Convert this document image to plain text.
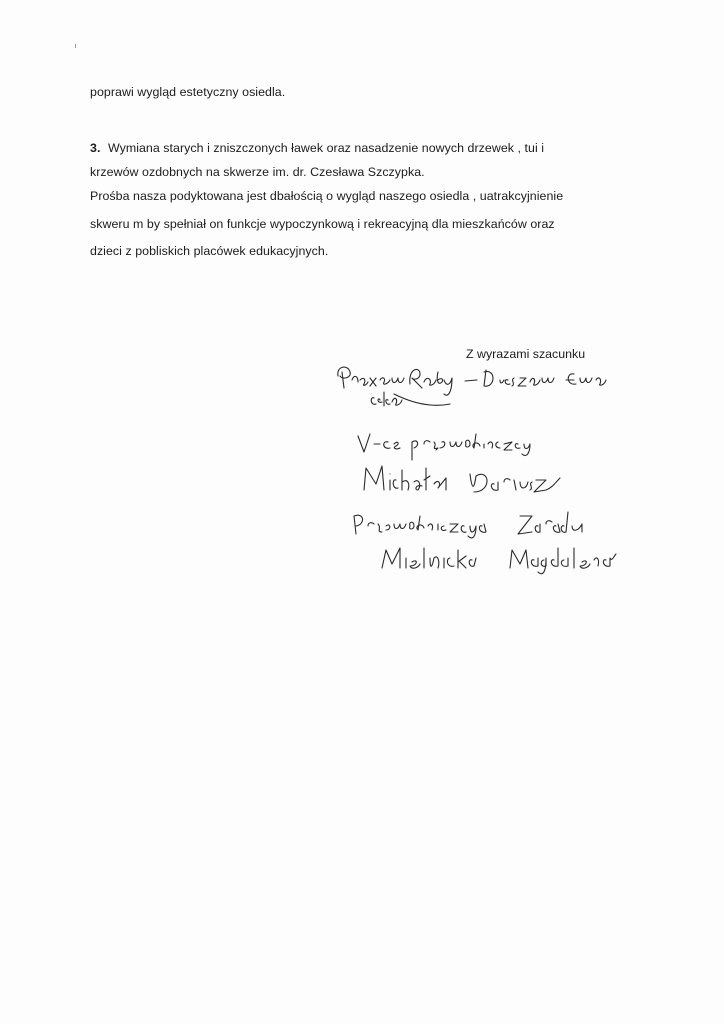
poprawi wygląd estetyczny osiedla.
3. Wymiana starych i zniszczonych ławek oraz nasadzenie nowych drzewek , tui i
krzewów ozdobnych na skwerze im. dr. Czesława Szczypka.
Prośba nasza podyktowana jest dbałością o wygląd naszego osiedla , uatrakcyjnienie
skweru m by spełniał on funkcje wypoczynkową i rekreacyjną dla mieszkańców oraz
dzieci z pobliskich placówek edukacyjnych.
Z wyrazami szacunku
